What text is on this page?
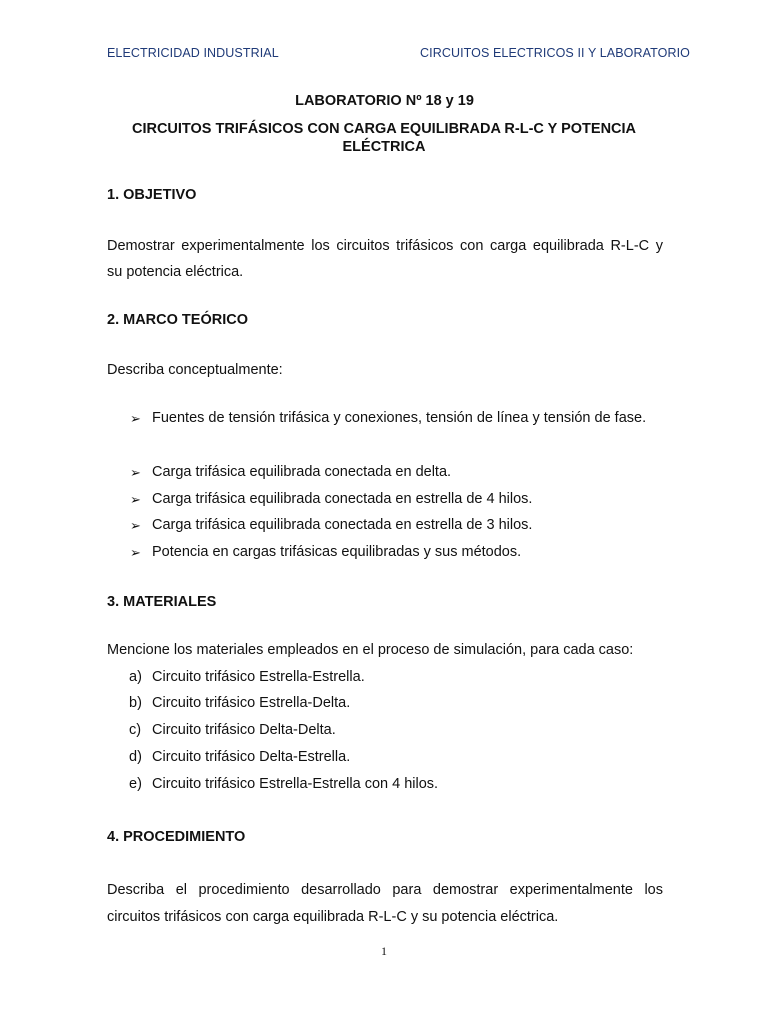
ELECTRICIDAD INDUSTRIAL	CIRCUITOS ELECTRICOS II Y LABORATORIO
LABORATORIO Nº 18 y 19
CIRCUITOS TRIFÁSICOS CON CARGA EQUILIBRADA R-L-C Y POTENCIA ELÉCTRICA
1. OBJETIVO
Demostrar experimentalmente los circuitos trifásicos con carga equilibrada R-L-C y
su potencia eléctrica.
2. MARCO TEÓRICO
Describa conceptualmente:
➢ Fuentes de tensión trifásica y conexiones, tensión de línea y tensión de fase.
➢ Carga trifásica equilibrada conectada en delta.
➢ Carga trifásica equilibrada conectada en estrella de 4 hilos.
➢ Carga trifásica equilibrada conectada en estrella de 3 hilos.
➢ Potencia en cargas trifásicas equilibradas y sus métodos.
3. MATERIALES
Mencione los materiales empleados en el proceso de simulación, para cada caso:
a) Circuito trifásico Estrella-Estrella.
b) Circuito trifásico Estrella-Delta.
c) Circuito trifásico Delta-Delta.
d) Circuito trifásico Delta-Estrella.
e) Circuito trifásico Estrella-Estrella con 4 hilos.
4. PROCEDIMIENTO
Describa el procedimiento desarrollado para demostrar experimentalmente los
circuitos trifásicos con carga equilibrada R-L-C y su potencia eléctrica.
1
